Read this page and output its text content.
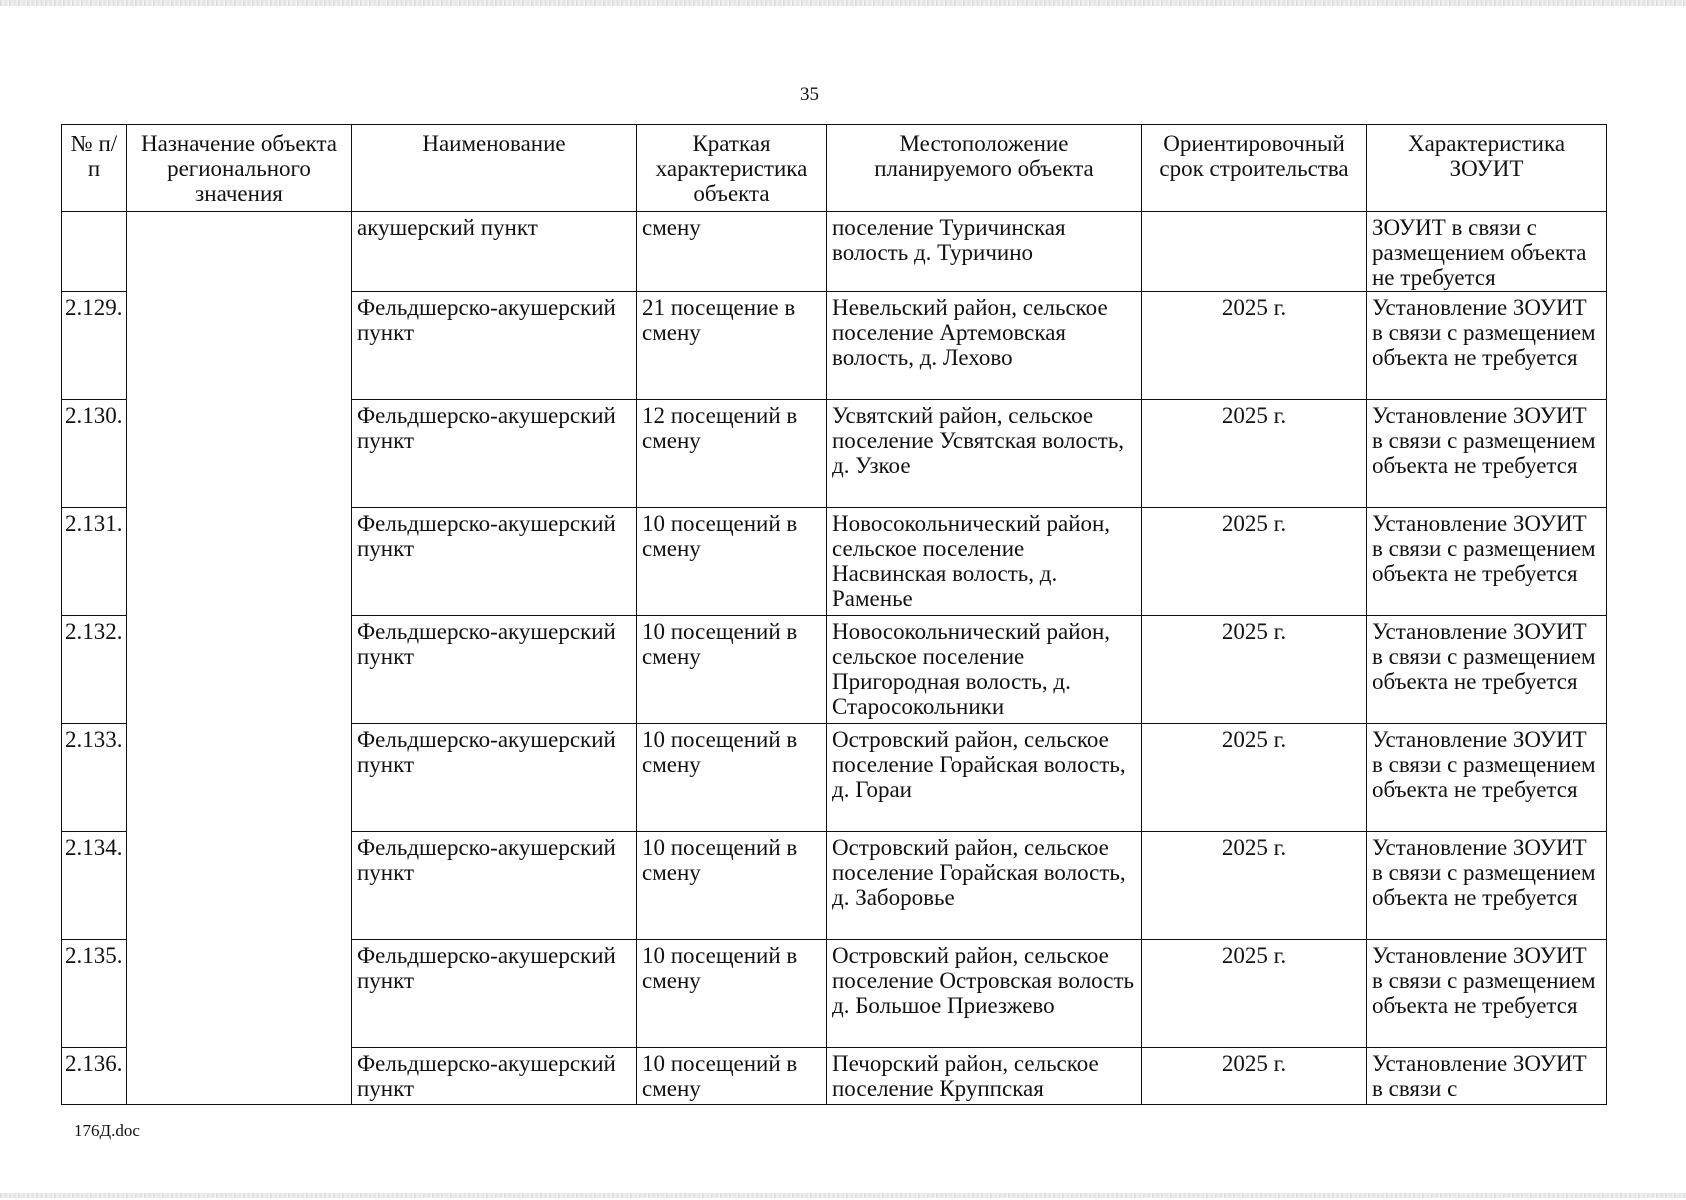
35
№ п/п	Назначение объекта регионального значения	Наименование	Краткая характеристика объекта	Местоположение планируемого объекта	Ориентировочный срок строительства	Характеристика ЗОУИТ
		акушерский пункт	смену	поселение Туричинская волость д. Туричино		ЗОУИТ в связи с размещением объекта не требуется
2.129.		Фельдшерско-акушерский пункт	21 посещение в смену	Невельский район, сельское поселение Артемовская волость, д. Лехово	2025 г.	Установление ЗОУИТ в связи с размещением объекта не требуется
2.130.		Фельдшерско-акушерский пункт	12 посещений в смену	Усвятский район, сельское поселение Усвятская волость, д. Узкое	2025 г.	Установление ЗОУИТ в связи с размещением объекта не требуется
2.131.		Фельдшерско-акушерский пункт	10 посещений в смену	Новосокольнический район, сельское поселение Насвинская волость, д. Раменье	2025 г.	Установление ЗОУИТ в связи с размещением объекта не требуется
2.132.		Фельдшерско-акушерский пункт	10 посещений в смену	Новосокольнический район, сельское поселение Пригородная волость, д. Старосокольники	2025 г.	Установление ЗОУИТ в связи с размещением объекта не требуется
2.133.		Фельдшерско-акушерский пункт	10 посещений в смену	Островский район, сельское поселение Горайская волость, д. Гораи	2025 г.	Установление ЗОУИТ в связи с размещением объекта не требуется
2.134.		Фельдшерско-акушерский пункт	10 посещений в смену	Островский район, сельское поселение Горайская волость, д. Заборовье	2025 г.	Установление ЗОУИТ в связи с размещением объекта не требуется
2.135.		Фельдшерско-акушерский пункт	10 посещений в смену	Островский район, сельское поселение Островская волость д. Большое Приезжево	2025 г.	Установление ЗОУИТ в связи с размещением объекта не требуется
2.136.		Фельдшерско-акушерский пункт	10 посещений в смену	Печорский район, сельское поселение Круппская	2025 г.	Установление ЗОУИТ в связи с
176Д.doc
